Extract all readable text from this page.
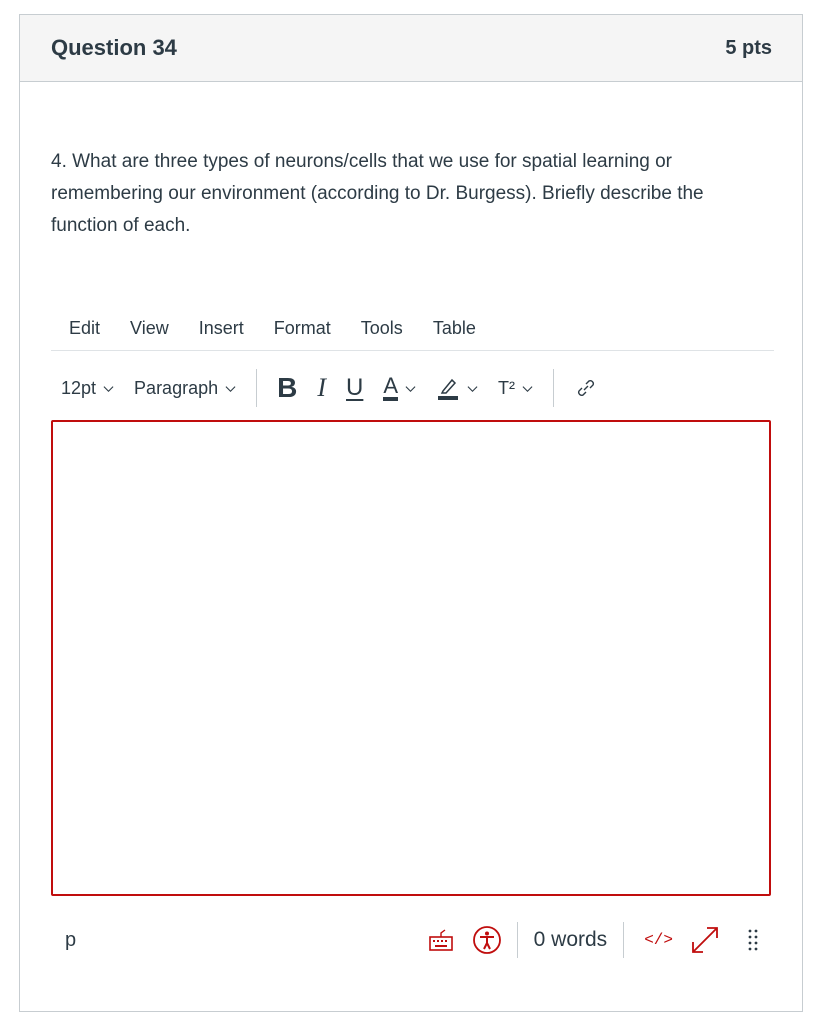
Question 34	5 pts
4. What are three types of neurons/cells that we use for spatial learning or remembering our environment (according to Dr. Burgess). Briefly describe the function of each.
Edit	View	Insert	Format	Tools	Table
12pt Paragraph	B I U A	T²
p	0 words	</>
